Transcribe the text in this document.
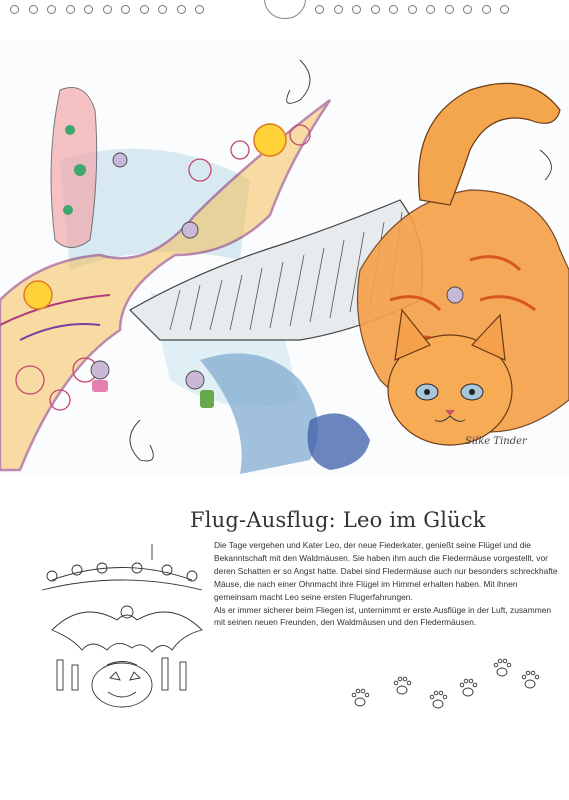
Silke Tinder
Flug-Ausflug: Leo im Glück

Die Tage vergehen und Kater Leo, der neue Fiederkater, genießt seine Flügel und die Bekanntschaft mit den Waldmäusen. Sie haben ihm auch die Fledermäuse vorgestellt, vor deren Schatten er so Angst hatte. Dabei sind Fledermäuse auch nur besonders schreckhafte Mäuse, die nach einer Ohnmacht ihre Flügel im Himmel erhalten haben. Mit ihnen gemeinsam macht Leo seine ersten Flugerfahrungen.

Als er immer sicherer beim Fliegen ist, unternimmt er erste Ausflüge in der Luft, zusammen mit seinen neuen Freunden, den Waldmäusen und den Fledermäusen.
